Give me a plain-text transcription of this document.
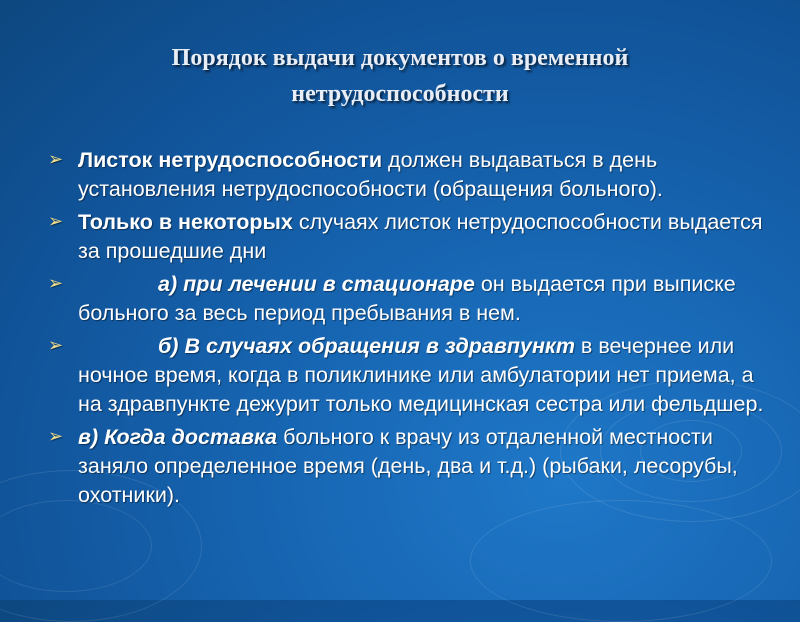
Порядок выдачи документов о временной нетрудоспособности
➢ Листок нетрудоспособности должен выдаваться в день установления нетрудоспособности (обращения больного).
➢ Только в некоторых случаях листок нетрудоспособности выдается за прошедшие дни
➢	а) при лечении в стационаре он выдается при выписке больного за весь период пребывания в нем.
➢	б) В случаях обращения в здравпункт в вечернее или ночное время, когда в поликлинике или амбулатории нет приема, а на здравпункте дежурит только медицинская сестра или фельдшер.
➢ в) Когда доставка больного к врачу из отдаленной местности заняло определенное время (день, два и т.д.) (рыбаки, лесорубы, охотники).
